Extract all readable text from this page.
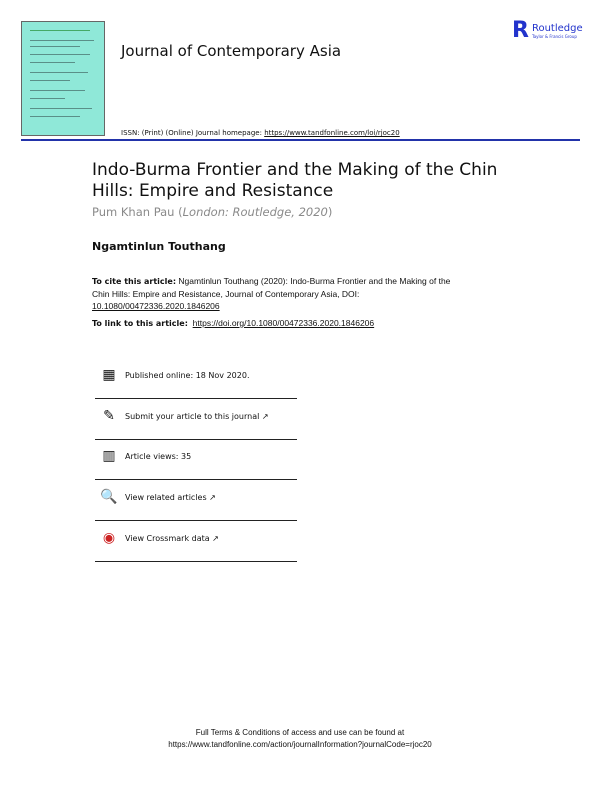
Journal of Contemporary Asia
R Routledge
Taylor & Francis Group
ISSN: (Print) (Online) Journal homepage: https://www.tandfonline.com/loi/rjoc20
Indo-Burma Frontier and the Making of the Chin Hills: Empire and Resistance
Pum Khan Pau (London: Routledge, 2020)
Ngamtinlun Touthang
To cite this article: Ngamtinlun Touthang (2020): Indo-Burma Frontier and the Making of the Chin Hills: Empire and Resistance, Journal of Contemporary Asia, DOI: 10.1080/00472336.2020.1846206
To link to this article: https://doi.org/10.1080/00472336.2020.1846206
▦ Published online: 18 Nov 2020.
✎	Submit your article to this journal ↗
▥ Article views: 35
🔍 View related articles ↗
◉	View Crossmark data ↗
Full Terms & Conditions of access and use can be found at
https://www.tandfonline.com/action/journalInformation?journalCode=rjoc20
